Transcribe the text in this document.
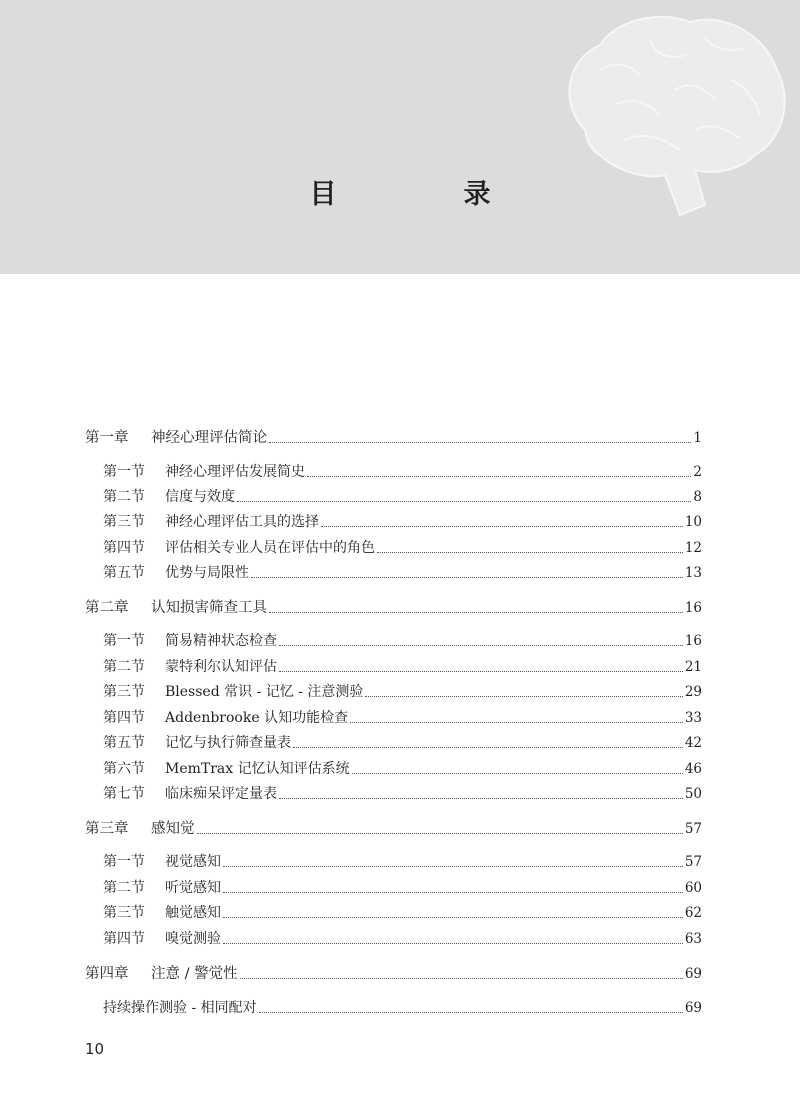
目　录
第一章	神经心理评估简论	1
第一节	神经心理评估发展简史	2
第二节	信度与效度	8
第三节	神经心理评估工具的选择	10
第四节	评估相关专业人员在评估中的角色	12
第五节	优势与局限性	13
第二章	认知损害筛查工具	16
第一节	简易精神状态检查	16
第二节	蒙特利尔认知评估	21
第三节	Blessed 常识 - 记忆 - 注意测验	29
第四节	Addenbrooke 认知功能检查	33
第五节	记忆与执行筛查量表	42
第六节	MemTrax 记忆认知评估系统	46
第七节	临床痴呆评定量表	50
第三章	感知觉	57
第一节	视觉感知	57
第二节	听觉感知	60
第三节	触觉感知	62
第四节	嗅觉测验	63
第四章	注意 / 警觉性	69
持续操作测验 - 相同配对	69
10
